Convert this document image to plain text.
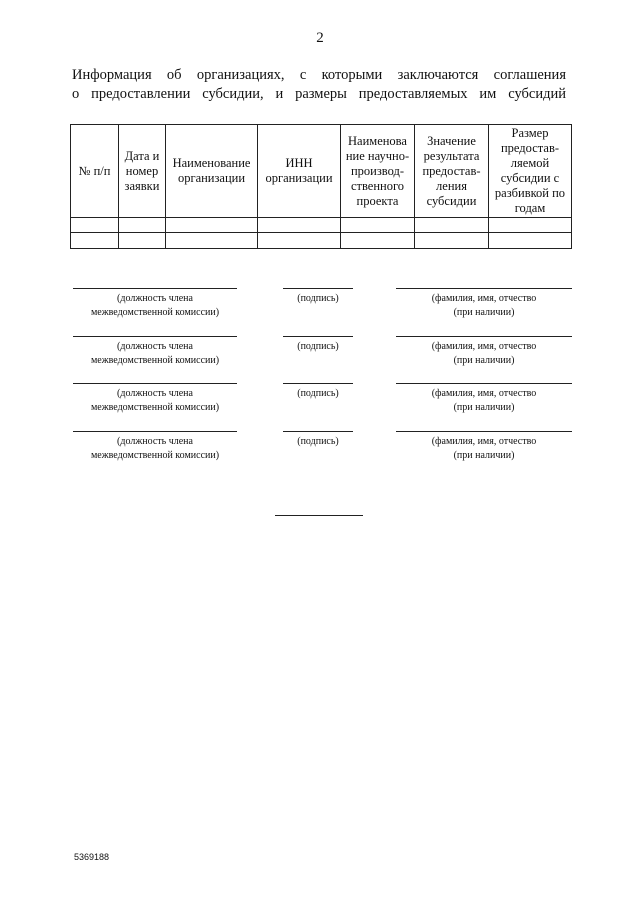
2
Информация об организациях, с которыми заключаются соглашения
о предоставлении субсидии, и размеры предоставляемых им субсидий
№ п/п	Дата и номер заявки	Наименование организации	ИНН организации	Наименова ние научно-производ-ственного проекта	Значение результата предостав-ления субсидии	Размер предостав-ляемой субсидии с разбивкой по годам

(должность члена
межведомственной комиссии)
(подпись)	(фамилия, имя, отчество
(при наличии)
(должность члена
межведомственной комиссии)
(подпись)	(фамилия, имя, отчество
(при наличии)
(должность члена
межведомственной комиссии)
(подпись)	(фамилия, имя, отчество
(при наличии)
(должность члена
межведомственной комиссии)
(подпись)	(фамилия, имя, отчество
(при наличии)
5369188
